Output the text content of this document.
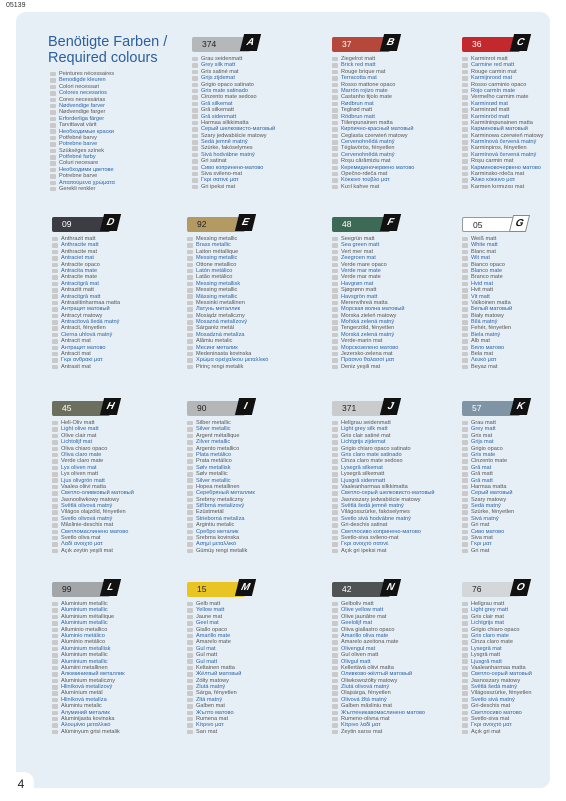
05139
Benötigte Farben /
Required colours
Peintures nécessaires
Benodigde kleuren
Colori necessari
Colores necesarios
Cores necessárias
Nødvendige farver
Nødvendige farger
Erforderliga färger
Tarvittavat värit
Необходимые краски
Potřebné barvy
Potrebne barve
Szükséges színek
Potřebné farby
Coluri necesare
Необходими цветове
Potrebne barve
Απαιτούμενα χρώματα
Gerekli renkler
374	A
Grau seidenmatt
Grey silk matt
Gris satiné mat
Grijs zijdemat
Grigio opaco satinato
Gris mate satinado
Cinzento mate sedoso
Grå silkemat
Grå silkematt
Grå sidenmatt
Harmaa silkkimatta
Серый шелковисто-матовый
Szary jedwabiście matowy
Šedá jemně matný
Szürke, fakóselymes
Sivá hodvábne matný
Gri satinat
Сиво копринено-матово
Siva svileno-mat
Γκρι σατινέ ματ
Gri ipeksi mat
37	B
Ziegelrot matt
Brick red matt
Rouge brique mat
Terracotta mat
Rosso mattone opaco
Marrón rojizo mate
Castanho tijolo mate
Rødbrun mat
Teglrød matt
Rödbrun matt
Tiilenpunainen matta
Кирпично-красный матовый
Ceglasta czerwień matowy
Červenohnědá matný
Téglavörös, fényetlen
Červenohnědá matný
Roșu cărămiziu mat
Керемиденочервено матово
Opečno-rdeča mat
Κόκκινο τούβλο ματ
Kızıl kahve mat
36	C
Karminrot matt
Carmine red matt
Rouge carmin mat
Karmijnrood mat
Rosso carminio opaco
Rojo carmín mate
Vermelho carmim mate
Karminrød mat
Karminrød matt
Karminröd matt
Karmiininpunainen matta
Карминовый матовый
Karminowa czerwień matowy
Karmínová červená matný
Karminpiros, fényetlen
Karmínová červená matný
Roșu carmin mat
Карминовочервено матово
Karminsko-rdeča mat
Άλικο κόκκινο ματ
Karmen kırmızısı mat
09	D
Anthrazit matt
Anthracite matt
Anthracite mat
Antraciet mat
Antracite opaco
Antracita mate
Antracite mate
Antracitgrå mat
Antrazitt matt
Antracitgrå matt
Antrasiitinharmaa matta
Антрацит матовый
Antracyt matowy
Antracitová šedá matný
Antracit, fényetlen
Čierna uhlová matný
Antracit mat
Антрацит матово
Antracit mat
Γκρι ανθρακί ματ
Antrasit mat
92	E
Messing metallic
Brass metallic
Laiton métallique
Messing metallic
Ottone metallico
Latón metálico
Latão metálico
Messing metallisk
Messing metallic
Mässing metallic
Messinki metallinen
Латунь металлик
Mosiądz metaliczny
Mosazná metalízový
Sárgaréz metál
Mosadzná metalíza
Alămiu metalic
Месинг металик
Medeninasta kovinska
Χρώμα ορείχαλκου μεταλλικό
Pirinç rengi metalik
48	F
Seegrün matt
Sea green matt
Vert mer mat
Zeegroen mat
Verde mare opaco
Verde mar mate
Verde mar mate
Havgrøn mat
Sjøgrønn matt
Havsgrön matt
Merenvihreä matta
Морская волна матовый
Morska zieleń matowy
Mořská zelená matný
Tengerzöld, fényetlen
Morská zelená matný
Verde-marin mat
Морскозелено матово
Jezersko-zelena mat
Πράσινο θαλασσί ματ
Deniz yeşili mat
05	G
Weiß matt
White matt
Blanc mat
Wit mat
Bianco opaco
Blanco mate
Branco mate
Hvid mat
Hvit matt
Vit matt
Valkoinen matta
Белый матовый
Biały matowy
Bílá matný
Fehér, fényetlen
Biela matný
Alb mat
Бяло матово
Bela mat
Λευκό ματ
Beyaz mat
45	H
Hell-Oliv matt
Light olive matt
Olive clair mat
Lichtolijf mat
Oliva chiaro opaco
Oliva claro mate
Verde claro mate
Lys oliven mat
Lys oliven matt
Ljus olivgrön matt
Vaalea oliivi matta
Светло-оливковый матовый
Jasnooliwkowy matowy
Světlá olivová matný
Világos olajzöld, fényetlen
Svetlo olivová matný
Măslinie-deschis mat
Светломаслинено матово
Svetlo oliva mat
Λαδί ανοιχτό ματ
Açık zeytin yeşili mat
90	I
Silber metallic
Silver metallic
Argent métallique
Zilver metallic
Argento metallico
Plata metálico
Prata metálico
Sølv metallisk
Sølv metallic
Silver metallic
Hopea metallinen
Серебряный металлик
Srebrny metaliczny
Stříbrná metalízový
Ezüstmetál
Strieborná metalíza
Argintiu metalic
Сребро металик
Srebrna kovinska
Ασημί μεταλλικό
Gümüş rengi metalik
371	J
Hellgrau seidenmatt
Light grey silk matt
Gris clair satiné mat
Lichtgrijs zijdemat
Grigio chiaro opaco satinato
Gris claro mate satinado
Cinza claro mate sedoso
Lysegrå silkemat
Lysegrå silkematt
Ljusgrå sidenmatt
Vaaleanharmaa silkkimatta
Светло-серый шелковисто-матовый
Jasnoszary jedwabiście matowy
Světlá šedá jemně matný
Világosszürke, fakóselymes
Svetlo sivá hodvábne matný
Gri-deschis satinat
Светлосиво копринено-матово
Svetlo-siva svileno-mat
Γκρι ανοιχτό σατινέ
Açık gri ipeksi mat
57	K
Grau matt
Grey matt
Gris mat
Grijs mat
Grigio opaco
Gris mate
Cinzento mate
Grå mat
Grå matt
Grå matt
Harmaa matta
Серый матовый
Szary matowy
Šedá matný
Szürke, fényetlen
Sivá matný
Gri mat
Сиво матово
Siva mat
Γκρι ματ
Gri mat
99	L
Aluminium metallic
Aluminium metallic
Aluminium métallique
Aluminium metallic
Alluminio metallico
Aluminio metálico
Alumínio metálico
Aluminium metallisk
Aluminium metallic
Aluminium metallic
Alumiini metallinen
Алюминиевый металлик
Aluminium metaliczny
Hliníková metalízový
Alumínium metál
Hliníková metalíza
Aluminiu metalic
Алуминий металик
Aluminijasta kovinska
Αλουμίνιο μεταλλικό
Alüminyum grisi metalik
15	M
Gelb matt
Yellow matt
Jaune mat
Geel mat
Giallo opaco
Amarillo mate
Amarelo mate
Gul mat
Gul matt
Gul matt
Keltainen matta
Жёлтый матовый
Żółty matowy
Žlutá matný
Sárga, fényetlen
Žltá matný
Galben mat
Жълто матово
Rumena mat
Κίτρινο ματ
Sarı mat
42	N
Gelboliv matt
Olive yellow matt
Olive jaunâtre mat
Geelolijf mat
Oliva giallastro opaco
Amarillo oliva mate
Amarelo azeitona mate
Olivengul mat
Gul oliven matt
Olivgul matt
Kellertävä oliivi matta
Оливково-жёлтый матовый
Oliwkowożółty matowy
Žlutá olivová matný
Olajsárga, fényetlen
Olivová žltá matný
Galben măsliniu mat
Жълтеникавомаслинено матово
Rumeno-olivna mat
Κίτρινο λαδί ματ
Zeytin sarısı mat
76	O
Hellgrau matt
Light grey matt
Gris clair mat
Lichtgrijs mat
Grigio chiaro opaco
Gris claro mate
Cinza claro mate
Lysegrå mat
Lysgrå matt
Ljusgrå matt
Vaaleanharmaa matta
Светло-серый матовый
Jasnoszary matowy
Světlá šedá matný
Világosszürke, fényetlen
Svetlo sivá matný
Gri-deschis mat
Светлосиво матово
Svetlo-siva mat
Γκρι ανοιχτό ματ
Açık gri mat
4
